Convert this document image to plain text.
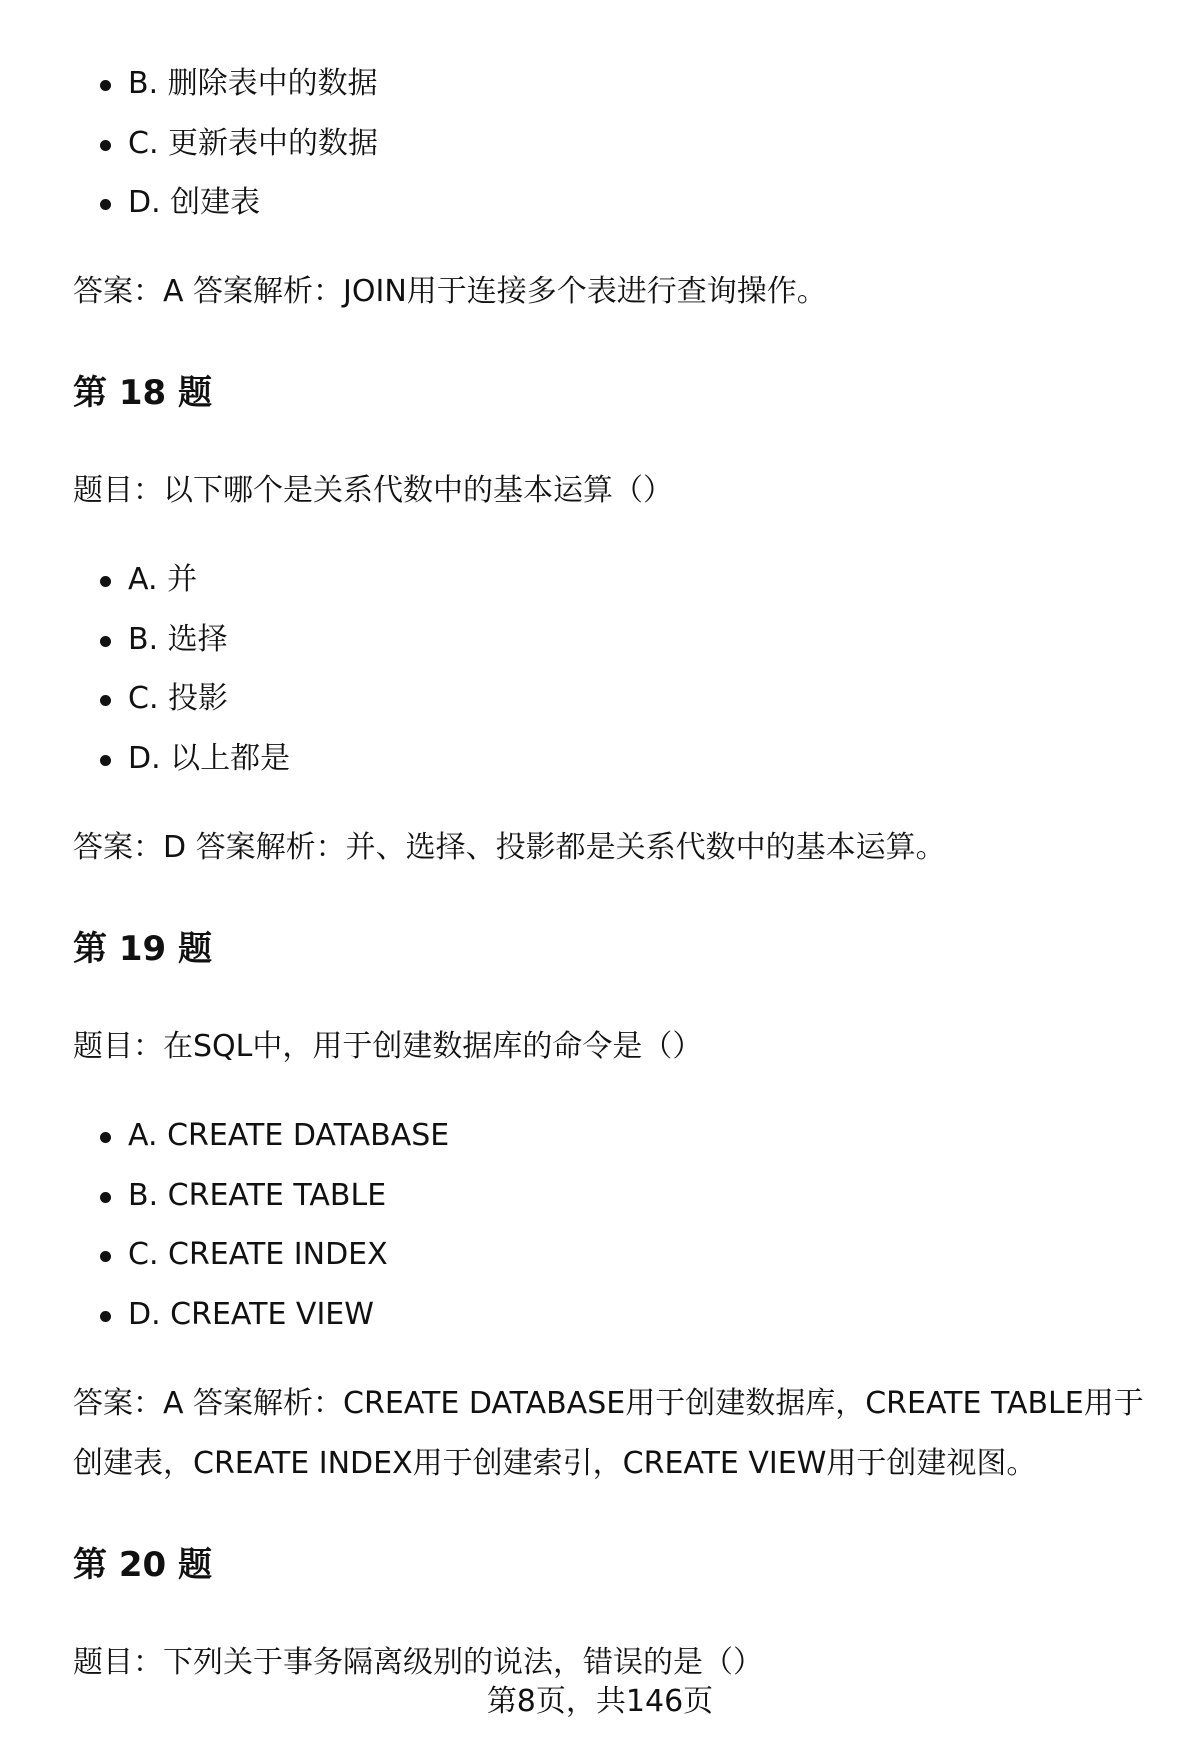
B. 删除表中的数据
C. 更新表中的数据
D. 创建表
答案：A 答案解析：JOIN用于连接多个表进行查询操作。
第 18 题
题目：以下哪个是关系代数中的基本运算（）
A. 并
B. 选择
C. 投影
D. 以上都是
答案：D 答案解析：并、选择、投影都是关系代数中的基本运算。
第 19 题
题目：在SQL中，用于创建数据库的命令是（）
A. CREATE DATABASE
B. CREATE TABLE
C. CREATE INDEX
D. CREATE VIEW
答案：A 答案解析：CREATE DATABASE用于创建数据库，CREATE TABLE用于创建表，CREATE INDEX用于创建索引，CREATE VIEW用于创建视图。
第 20 题
题目：下列关于事务隔离级别的说法，错误的是（）
第8页，共146页
